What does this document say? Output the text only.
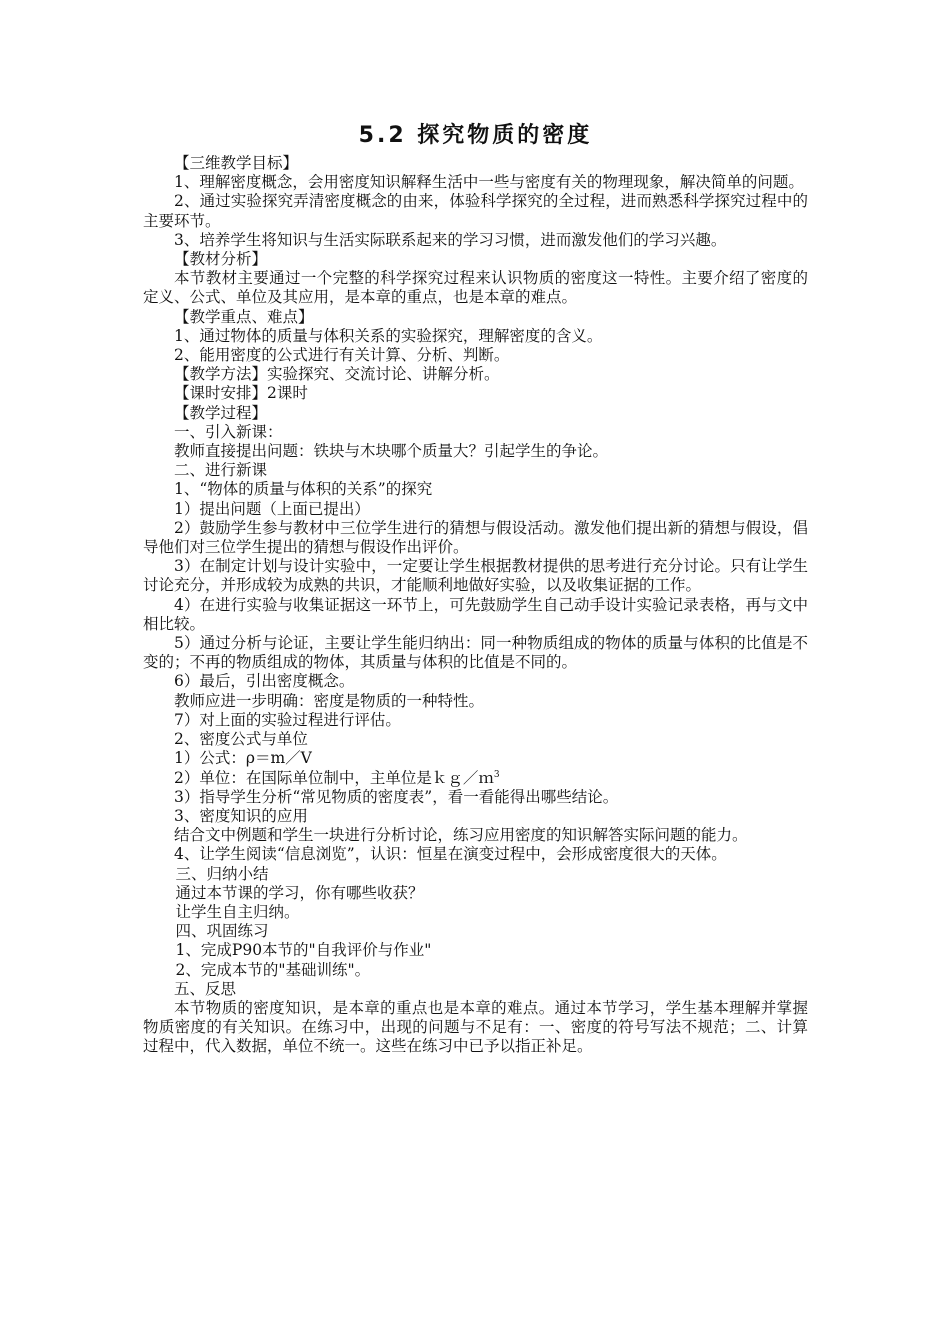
5.2 探究物质的密度

【三维教学目标】

1、理解密度概念，会用密度知识解释生活中一些与密度有关的物理现象，解决简单的问题。

2、通过实验探究弄清密度概念的由来，体验科学探究的全过程，进而熟悉科学探究过程中的主要环节。

3、培养学生将知识与生活实际联系起来的学习习惯，进而激发他们的学习兴趣。

【教材分析】

本节教材主要通过一个完整的科学探究过程来认识物质的密度这一特性。主要介绍了密度的定义、公式、单位及其应用，是本章的重点，也是本章的难点。

【教学重点、难点】

1、通过物体的质量与体积关系的实验探究，理解密度的含义。

2、能用密度的公式进行有关计算、分析、判断。

【教学方法】实验探究、交流讨论、讲解分析。

【课时安排】2课时

【教学过程】

一、引入新课：

教师直接提出问题：铁块与木块哪个质量大？引起学生的争论。

二、进行新课

1、“物体的质量与体积的关系”的探究

1）提出问题（上面已提出）

2）鼓励学生参与教材中三位学生进行的猜想与假设活动。激发他们提出新的猜想与假设，倡导他们对三位学生提出的猜想与假设作出评价。

3）在制定计划与设计实验中，一定要让学生根据教材提供的思考进行充分讨论。只有让学生讨论充分，并形成较为成熟的共识，才能顺利地做好实验，以及收集证据的工作。

4）在进行实验与收集证据这一环节上，可先鼓励学生自己动手设计实验记录表格，再与文中相比较。

5）通过分析与论证，主要让学生能归纳出：同一种物质组成的物体的质量与体积的比值是不变的；不再的物质组成的物体，其质量与体积的比值是不同的。

6）最后，引出密度概念。

教师应进一步明确：密度是物质的一种特性。

7）对上面的实验过程进行评估。

2、密度公式与单位

1）公式：ρ＝m／V

2）单位：在国际单位制中，主单位是ｋｇ／ｍ$^3$

3）指导学生分析“常见物质的密度表”，看一看能得出哪些结论。

3、密度知识的应用

结合文中例题和学生一块进行分析讨论，练习应用密度的知识解答实际问题的能力。

4、让学生阅读“信息浏览”，认识：恒星在演变过程中，会形成密度很大的天体。

三、归纳小结

通过本节课的学习，你有哪些收获？

让学生自主归纳。

四、巩固练习

1、完成P90本节的"自我评价与作业"

2、完成本节的"基础训练"。

五、反思

本节物质的密度知识，是本章的重点也是本章的难点。通过本节学习，学生基本理解并掌握物质密度的有关知识。在练习中，出现的问题与不足有：一、密度的符号写法不规范；二、计算过程中，代入数据，单位不统一。这些在练习中已予以指正补足。
